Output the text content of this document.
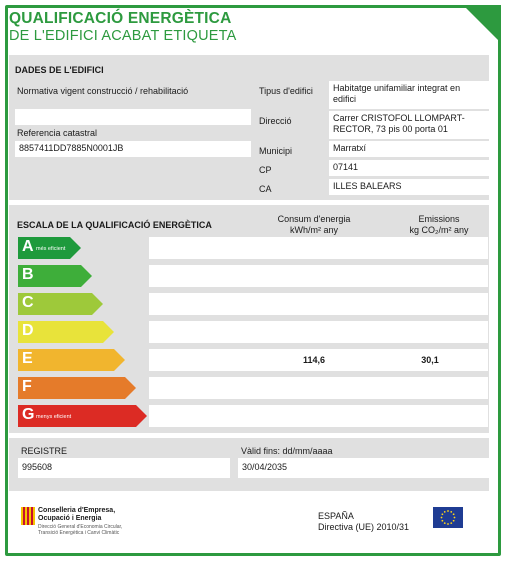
QUALIFICACIÓ ENERGÈTICA
DE L'EDIFICI ACABAT ETIQUETA
DADES DE L'EDIFICI
Normativa vigent construcció / rehabilitació
Referencia catastral
8857411DD7885N0001JB
Tipus d'edifici	Habitatge unifamiliar integrat en edifici
Direcció	Carrer CRISTOFOL LLOMPART-RECTOR, 73 pis 00 porta 01
Municipi	Marratxí
CP	07141
CA	ILLES BALEARS
ESCALA DE LA QUALIFICACIÓ ENERGÈTICA
Consum d'energia
kWh/m² any
Emissions
kg CO₂/m² any
A més eficient
B
C
D
E	114,6	30,1
F
G menys eficient
REGISTRE
995608
Vàlid fins: dd/mm/aaaa
30/04/2035
Conselleria d'Empresa,
Ocupació i Energia
Direcció General d'Economia Circular,
Transició Energètica i Canvi Climàtic
ESPAÑA
Directiva (UE) 2010/31
